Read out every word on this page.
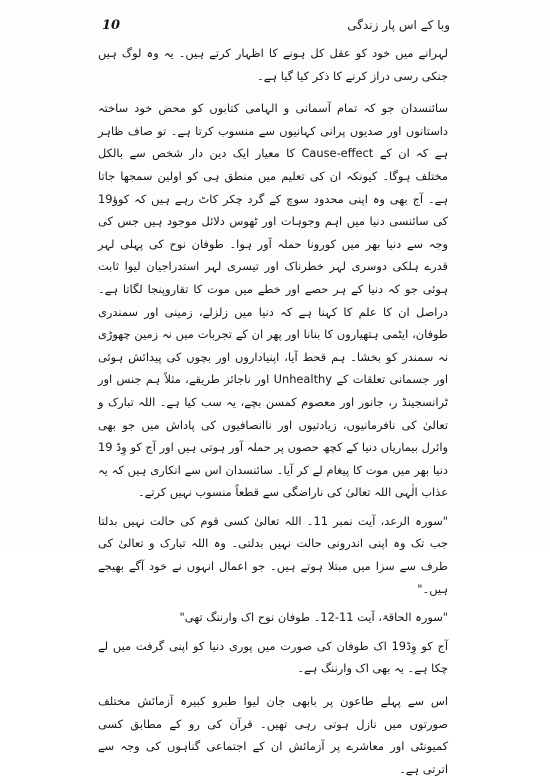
وبا کے اس پار زندگی
10

لہرانے میں خود کو عقل کل ہونے کا اظہار کرتے ہیں۔ یہ وہ لوگ ہیں جنکی رسی دراز کرنے کا ذکر کیا گیا ہے۔

سائنسدان جو کہ تمام آسمانی و الہامی کتابوں کو محض خود ساختہ داستانوں اور صدیوں پرانی کہانیوں سے منسوب کرتا ہے۔ تو صاف ظاہر ہے کہ ان کے Cause-effect کا معیار ایک دین دار شخص سے بالکل مختلف ہوگا۔ کیونکہ ان کی تعلیم میں منطق ہی کو اولین سمجھا جاتا ہے۔ آج بھی وہ اپنی محدود سوچ کے گرد چکر کاٹ رہے ہیں کہ کوؤ19 کی سائنسی دنیا میں اہم وجوہات اور ٹھوس دلائل موجود ہیں جس کی وجہ سے دنیا بھر میں کورونا حملہ آور ہوا۔ طوفان نوح کی پہلی لہر قدرے ہلکی دوسری لہر خطرناک اور تیسری لہر استدراجیان لیوا ثابت ہوئی جو کہ دنیا کے ہر حصے اور خطے میں موت کا تقاروپنجا لگاتا ہے۔ دراصل ان کا علم کا کہنا ہے کہ دنیا میں زلزلے، زمینی اور سمندری طوفان، ایٹمی ہتھیاروں کا بنانا اور پھر ان کے تجربات میں نہ زمین چھوڑی نہ سمندر کو بخشا۔ ہم قحط آیا، اپنیاداروں اور بچوں کی پیدائش ہوئی اور جسمانی تعلقات کے Unhealthy اور ناجائز طریقے، مثلاً ہم جنس اور ٹرانسجینڈ ر، جانور اور معصوم کمسن بچے، یہ سب کیا ہے۔ اللہ تبارک و تعالیٰ کی نافرمانیوں، زیادتیوں اور ناانصافیوں کی پاداش میں جو بھی وائرل بیماریاں دنیا کے کچھ حصوں پر حملہ آور ہوتی ہیں اور آج کو وِڈ 19 دنیا بھر میں موت کا پیغام لے کر آیا۔ سائنسدان اس سے انکاری ہیں کہ یہ عذاب الٰہی اللہ تعالیٰ کی ناراضگی سے قطعاً منسوب نہیں کرتے۔

"سورہ الرعد، آیت نمبر 11۔ اللہ تعالیٰ کسی قوم کی حالت نہیں بدلتا جب تک وہ اپنی اندرونی حالت نہیں بدلتی۔ وہ اللہ تبارک و تعالیٰ کی طرف سے سزا میں مبتلا ہوتے ہیں۔ جو اعمال انہوں نے خود آگے بھیجے ہیں۔"

"سورہ الحاقۃ، آیت 11-12۔ طوفان نوح اک وارننگ تھی"

آج کو وِڈ19 اک طوفان کی صورت میں پوری دنیا کو اپنی گرفت میں لے چکا ہے۔ یہ بھی اک وارننگ ہے۔

اس سے پہلے طاعون پر بابھی جان لیوا طبرو کبیرہ آزمائش مختلف صورتوں میں نازل ہوتی رہی تھیں۔ قرآن کی رو کے مطابق کسی کمیونٹی اور معاشرے پر آزمائش ان کے اجتماعی گناہوں کی وجہ سے اترتی ہے۔
